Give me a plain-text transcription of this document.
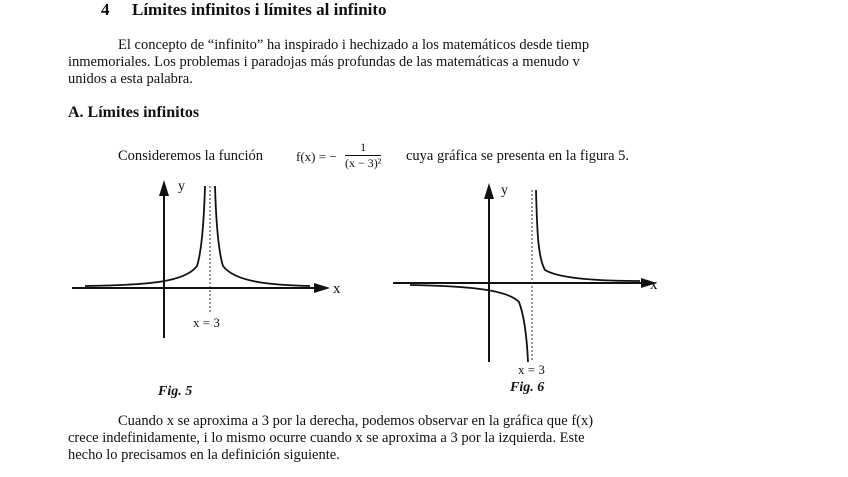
4 Límites infinitos i límites al infinito
El concepto de “infinito” ha inspirado i hechizado a los matemáticos desde tiemp
inmemoriales. Los problemas i paradojas más profundas de las matemáticas a menudo v
unidos a esta palabra.
A. Límites infinitos
Consideremos la función	f(x) = − $\frac{1}{\text{(x − 3)²}}$ cuya gráfica se presenta en la figura 5.
y
x
x = 3
Fig. 5
y
x
x = 3
Fig. 6
Cuando x se aproxima a 3 por la derecha, podemos observar en la gráfica que f(x)
crece indefinidamente, i lo mismo ocurre cuando x se aproxima a 3 por la izquierda. Este
hecho lo precisamos en la definición siguiente.
